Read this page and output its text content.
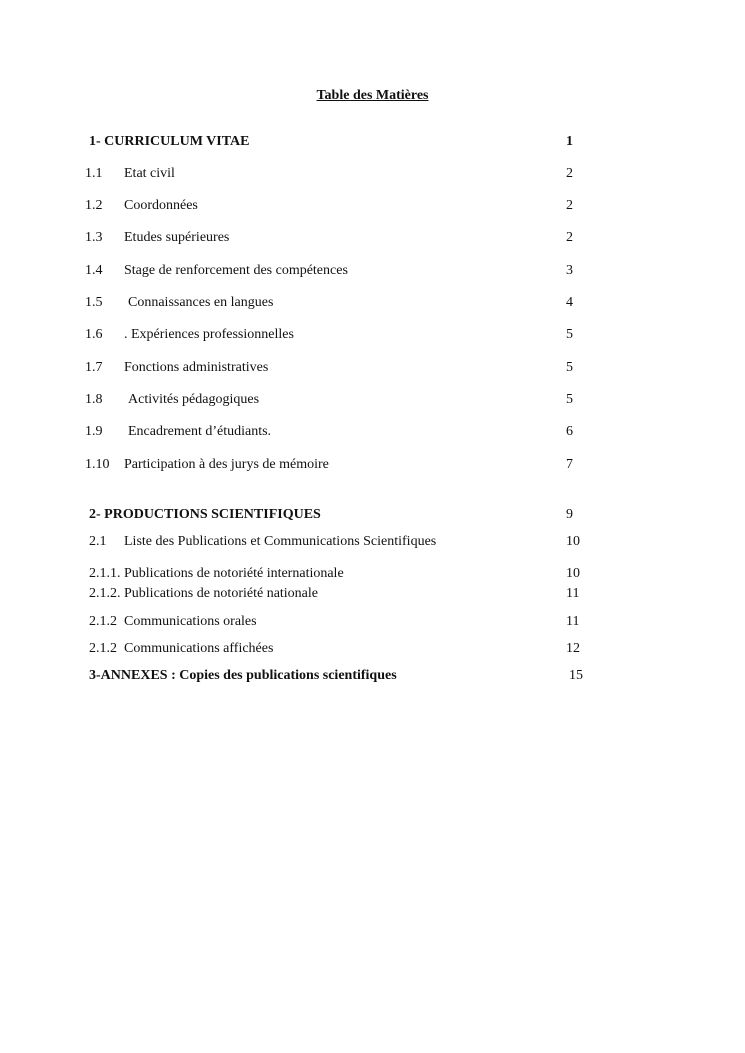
Table des Matières
1- CURRICULUM VITAE	1
1.1 Etat civil	2
1.2 Coordonnées	2
1.3 Etudes supérieures	2
1.4 Stage de renforcement des compétences	3
1.5 Connaissances en langues	4
1.6 . Expériences professionnelles	5
1.7 Fonctions administratives	5
1.8 Activités pédagogiques	5
1.9 Encadrement d’étudiants.	6
1.10 Participation à des jurys de mémoire	7
2- PRODUCTIONS SCIENTIFIQUES	9
2.1 Liste des Publications et Communications Scientifiques	10
2.1.1. Publications de notoriété internationale	10
2.1.2. Publications de notoriété nationale	11
2.1.2 Communications orales	11
2.1.2 Communications affichées	12
3-ANNEXES : Copies des publications scientifiques	15
